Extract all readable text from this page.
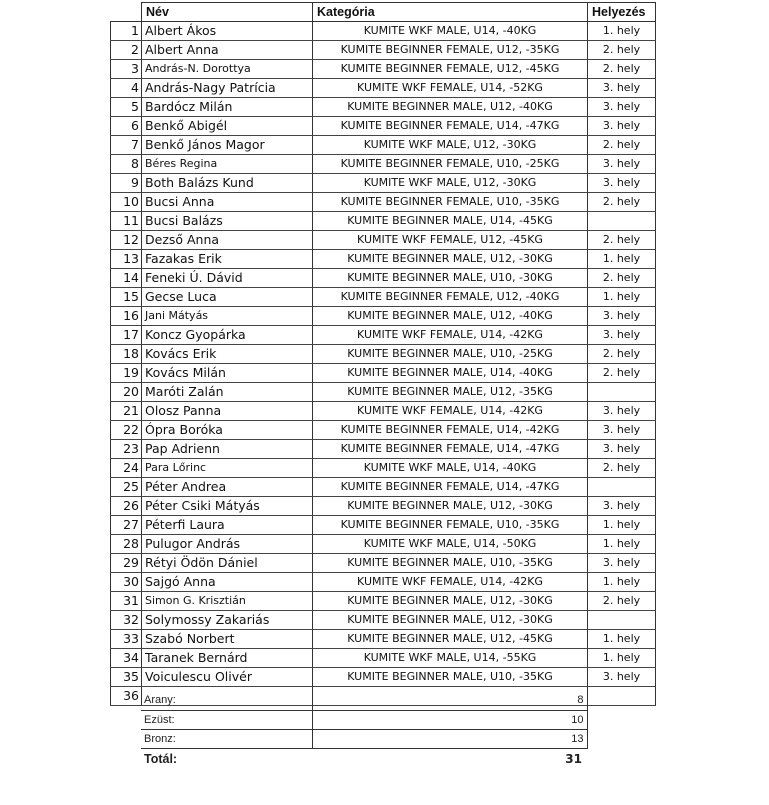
	Név	Kategória	Helyezés
1	Albert Ákos	KUMITE WKF MALE, U14, -40KG	1. hely
2	Albert Anna	KUMITE BEGINNER FEMALE, U12, -35KG	2. hely
3	András-N. Dorottya	KUMITE BEGINNER FEMALE, U12, -45KG	2. hely
4	András-Nagy Patrícia	KUMITE WKF FEMALE, U14, -52KG	3. hely
5	Bardócz Milán	KUMITE BEGINNER MALE, U12, -40KG	3. hely
6	Benkő Abigél	KUMITE BEGINNER FEMALE, U14, -47KG	3. hely
7	Benkő János Magor	KUMITE WKF MALE, U12, -30KG	2. hely
8	Béres Regina	KUMITE BEGINNER FEMALE, U10, -25KG	3. hely
9	Both Balázs Kund	KUMITE WKF MALE, U12, -30KG	3. hely
10	Bucsi Anna	KUMITE BEGINNER FEMALE, U10, -35KG	2. hely
11	Bucsi Balázs	KUMITE BEGINNER MALE, U14, -45KG	
12	Dezső Anna	KUMITE WKF FEMALE, U12, -45KG	2. hely
13	Fazakas Erik	KUMITE BEGINNER MALE, U12, -30KG	1. hely
14	Feneki Ú. Dávid	KUMITE BEGINNER MALE, U10, -30KG	2. hely
15	Gecse Luca	KUMITE BEGINNER FEMALE, U12, -40KG	1. hely
16	Jani Mátyás	KUMITE BEGINNER MALE, U12, -40KG	3. hely
17	Koncz Gyopárka	KUMITE WKF FEMALE, U14, -42KG	3. hely
18	Kovács Erik	KUMITE BEGINNER MALE, U10, -25KG	2. hely
19	Kovács Milán	KUMITE BEGINNER MALE, U14, -40KG	2. hely
20	Maróti Zalán	KUMITE BEGINNER MALE, U12, -35KG	
21	Olosz Panna	KUMITE WKF FEMALE, U14, -42KG	3. hely
22	Ópra Boróka	KUMITE BEGINNER FEMALE, U14, -42KG	3. hely
23	Pap Adrienn	KUMITE BEGINNER FEMALE, U14, -47KG	3. hely
24	Para Lőrinc	KUMITE WKF MALE, U14, -40KG	2. hely
25	Péter Andrea	KUMITE BEGINNER FEMALE, U14, -47KG	
26	Péter Csiki Mátyás	KUMITE BEGINNER MALE, U12, -30KG	3. hely
27	Péterfi Laura	KUMITE BEGINNER FEMALE, U10, -35KG	1. hely
28	Pulugor András	KUMITE WKF MALE, U14, -50KG	1. hely
29	Rétyi Ödön Dániel	KUMITE BEGINNER MALE, U10, -35KG	3. hely
30	Sajgó Anna	KUMITE WKF FEMALE, U14, -42KG	1. hely
31	Simon G. Krisztián	KUMITE BEGINNER MALE, U12, -30KG	2. hely
32	Solymossy Zakariás	KUMITE BEGINNER MALE, U12, -30KG	
33	Szabó Norbert	KUMITE BEGINNER MALE, U12, -45KG	1. hely
34	Taranek Bernárd	KUMITE WKF MALE, U14, -55KG	1. hely
35	Voiculescu Olivér	KUMITE BEGINNER MALE, U10, -35KG	3. hely
36			Arany:	8
Ezüst:	10
Bronz:	13
Totál:	31
